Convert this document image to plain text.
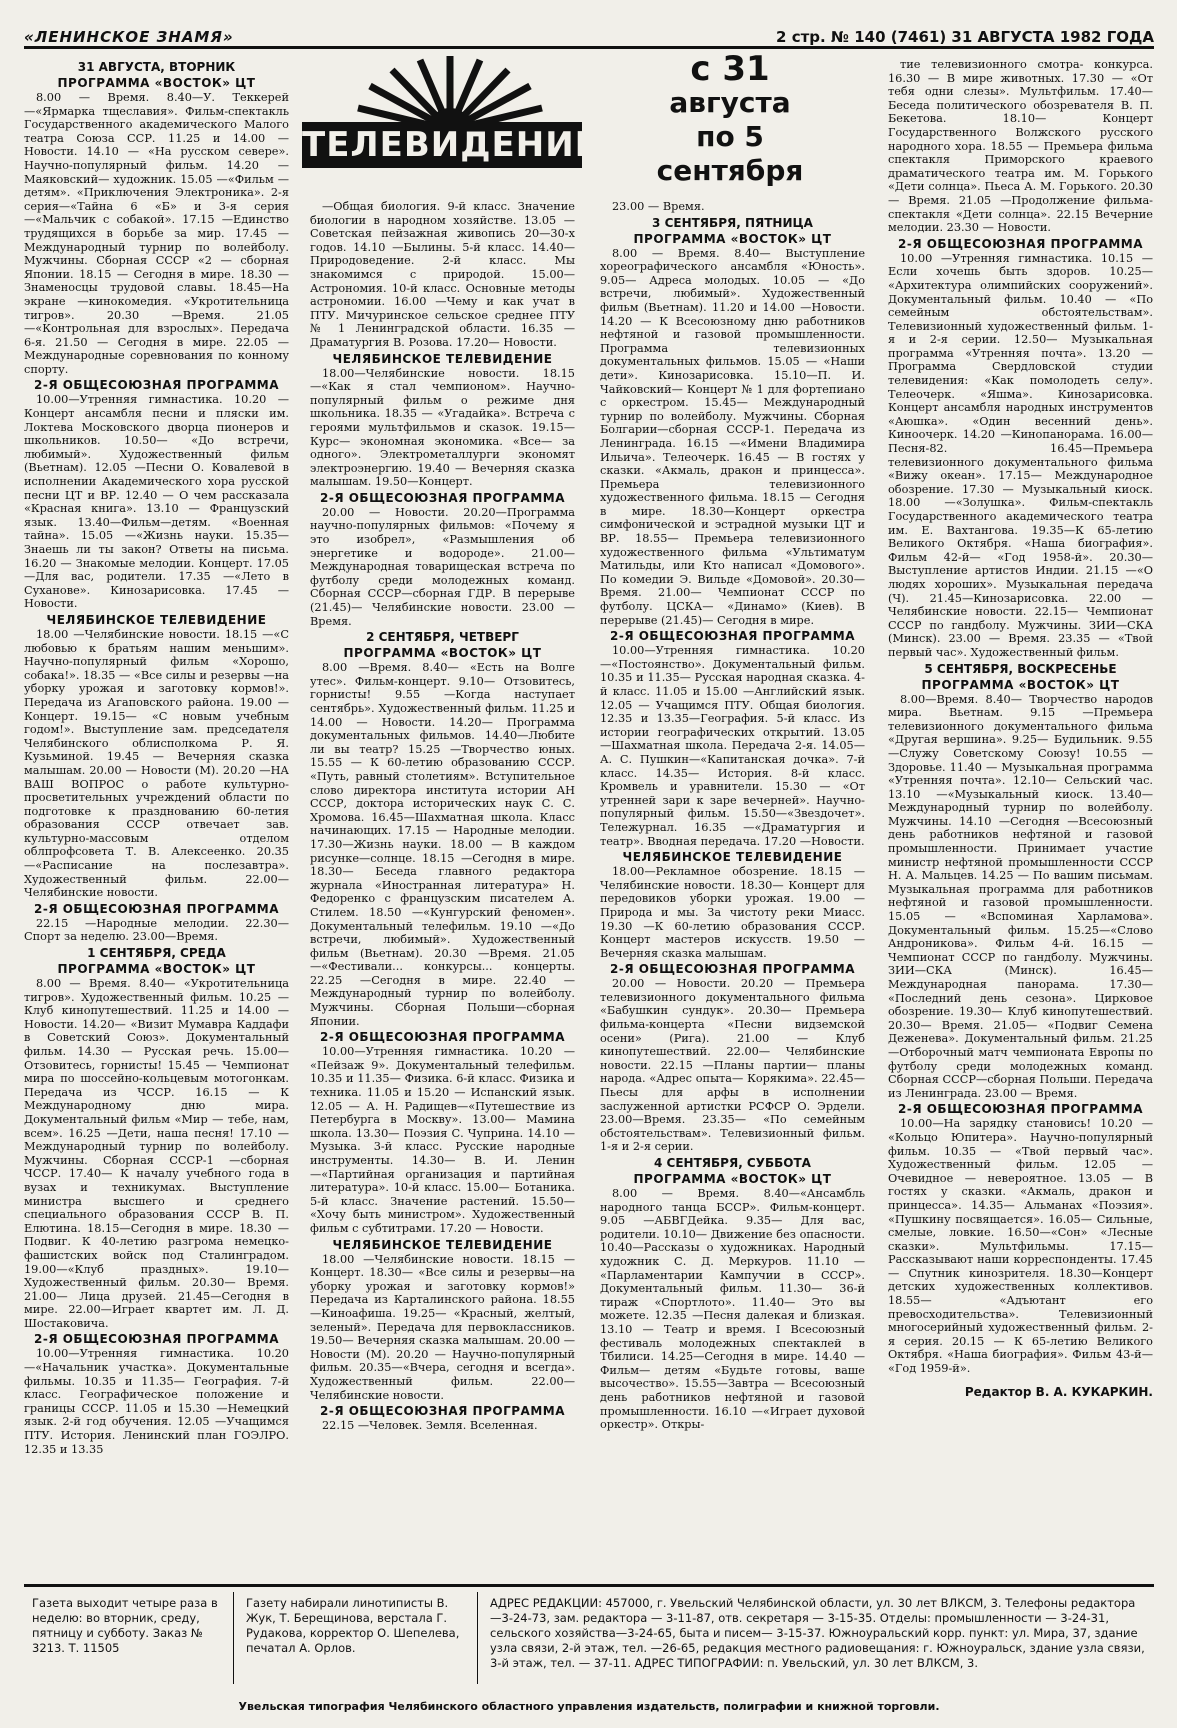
«ЛЕНИНСКОЕ ЗНАМЯ»	2 стр. № 140 (7461) 31 АВГУСТА 1982 ГОДА
ТЕЛЕВИДЕНИЕ
с 31
августа
по 5
сентября
31 АВГУСТА, ВТОРНИК
ПРОГРАММА «ВОСТОК» ЦТ

8.00 — Время. 8.40—У. Теккерей—«Ярмарка тщеславия». Фильм-спектакль Государственного академического Малого театра Союза ССР. 11.25 и 14.00 — Новости. 14.10 — «На русском севере». Научно-популярный фильм. 14.20 — Маяковский— художник. 15.05 —«Фильм — детям». «Приключения Электроника». 2-я серия—«Тайна 6 «Б» и 3-я серия —«Мальчик с собакой». 17.15 —Единство трудящихся в борьбе за мир. 17.45 — Международный турнир по волейболу. Мужчины. Сборная СССР «2 — сборная Японии. 18.15 — Сегодня в мире. 18.30 —Знаменосцы трудовой славы. 18.45—На экране —кинокомедия. «Укротительница тигров». 20.30 —Время. 21.05 —«Контрольная для взрослых». Передача 6-я. 21.50 — Сегодня в мире. 22.05 —Международные соревнования по конному спорту.

2-Я ОБЩЕСОЮЗНАЯ ПРОГРАММА

10.00—Утренняя гимнастика. 10.20 — Концерт ансамбля песни и пляски им. Локтева Московского дворца пионеров и школьников. 10.50— «До встречи, любимый». Художественный фильм (Вьетнам). 12.05 —Песни О. Ковалевой в исполнении Академического хора русской песни ЦТ и ВР. 12.40 — О чем рассказала «Красная книга». 13.10 — Французский язык. 13.40—Фильм—детям. «Военная тайна». 15.05 —«Жизнь науки. 15.35— Знаешь ли ты закон? Ответы на письма. 16.20 — Знакомые мелодии. Концерт. 17.05—Для вас, родители. 17.35 —«Лето в Суханове». Кинозарисовка. 17.45 —Новости.

ЧЕЛЯБИНСКОЕ ТЕЛЕВИДЕНИЕ

18.00 —Челябинские новости. 18.15 —«С любовью к братьям нашим меньшим». Научно-популярный фильм «Хорошо, собака!». 18.35 — «Все силы и резервы —на уборку урожая и заготовку кормов!». Передача из Агаповского района. 19.00 — Концерт. 19.15— «С новым учебным годом!». Выступление зам. председателя Челябинского облисполкома Р. Я. Кузьминой. 19.45 — Вечерняя сказка малышам. 20.00 — Новости (М). 20.20 —НА ВАШ ВОПРОС о работе культурно-просветительных учреждений области по подготовке к празднованию 60-летия образования СССР отвечает зав. культурно-массовым отделом облпрофсовета Т. В. Алексеенко. 20.35 —«Расписание на послезавтра». Художественный фильм. 22.00—Челябинские новости.

2-Я ОБЩЕСОЮЗНАЯ ПРОГРАММА

22.15 —Народные мелодии. 22.30— Спорт за неделю. 23.00—Время.

1 СЕНТЯБРЯ, СРЕДА
ПРОГРАММА «ВОСТОК» ЦТ

8.00 — Время. 8.40— «Укротительница тигров». Художественный фильм. 10.25 — Клуб кинопутешествий. 11.25 и 14.00 — Новости. 14.20— «Визит Мумавра Каддафи в Советский Союз». Документальный фильм. 14.30 — Русская речь. 15.00—Отзовитесь, горнисты! 15.45 — Чемпионат мира по шоссейно-кольцевым мотогонкам. Передача из ЧССР. 16.15 — К Международному дню мира. Документальный фильм «Мир — тебе, нам, всем». 16.25 —Дети, наша песня! 17.10 — Международный турнир по волейболу. Мужчины. Сборная СССР-1 —сборная ЧССР. 17.40— К началу учебного года в вузах и техникумах. Выступление министра высшего и среднего специального образования СССР В. П. Елютина. 18.15—Сегодня в мире. 18.30 —Подвиг. К 40-летию разгрома немецко-фашистских войск под Сталинградом. 19.00—«Клуб праздных». 19.10— Художественный фильм. 20.30— Время. 21.00— Лица друзей. 21.45—Сегодня в мире. 22.00—Играет квартет им. Л. Д. Шостаковича.

2-Я ОБЩЕСОЮЗНАЯ ПРОГРАММА

10.00—Утренняя гимнастика. 10.20 —«Начальник участка». Документальные фильмы. 10.35 и 11.35— География. 7-й класс. Географическое положение и границы СССР. 11.05 и 15.30 —Немецкий язык. 2-й год обучения. 12.05 —Учащимся ПТУ. История. Ленинский план ГОЭЛРО. 12.35 и 13.35

—Общая биология. 9-й класс. Значение биологии в народном хозяйстве. 13.05 — Советская пейзажная живопись 20—30-х годов. 14.10 —Былины. 5-й класс. 14.40—Природоведение. 2-й класс. Мы знакомимся с природой. 15.00— Астрономия. 10-й класс. Основные методы астрономии. 16.00 —Чему и как учат в ПТУ. Мичуринское сельское среднее ПТУ № 1 Ленинградской области. 16.35 —Драматургия В. Розова. 17.20— Новости.

ЧЕЛЯБИНСКОЕ ТЕЛЕВИДЕНИЕ

18.00—Челябинские новости. 18.15 —«Как я стал чемпионом». Научно-популярный фильм о режиме дня школьника. 18.35 — «Угадайка». Встреча с героями мультфильмов и сказок. 19.15—Курс— экономная экономика. «Все— за одного». Электрометаллурги экономят электроэнергию. 19.40 — Вечерняя сказка малышам. 19.50—Концерт.

2-Я ОБЩЕСОЮЗНАЯ ПРОГРАММА

20.00 — Новости. 20.20—Программа научно-популярных фильмов: «Почему я это изобрел», «Размышления об энергетике и водороде». 21.00— Международная товарищеская встреча по футболу среди молодежных команд. Сборная СССР—сборная ГДР. В перерыве (21.45)— Челябинские новости. 23.00 —Время.

2 СЕНТЯБРЯ, ЧЕТВЕРГ
ПРОГРАММА «ВОСТОК» ЦТ

8.00 —Время. 8.40— «Есть на Волге утес». Фильм-концерт. 9.10— Отзовитесь, горнисты! 9.55 —Когда наступает сентябрь». Художественный фильм. 11.25 и 14.00 — Новости. 14.20— Программа документальных фильмов. 14.40—Любите ли вы театр? 15.25 —Творчество юных. 15.55 — К 60-летию образованию СССР. «Путь, равный столетиям». Вступительное слово директора института истории АН СССР, доктора исторических наук С. С. Хромова. 16.45—Шахматная школа. Класс начинающих. 17.15 — Народные мелодии. 17.30—Жизнь науки. 18.00 — В каждом рисунке—солнце. 18.15 —Сегодня в мире. 18.30— Беседа главного редактора журнала «Иностранная литература» Н. Федоренко с французским писателем А. Стилем. 18.50 —«Кунгурский феномен». Документальный телефильм. 19.10 —«До встречи, любимый». Художественный фильм (Вьетнам). 20.30 —Время. 21.05—«Фестивали... конкурсы... концерты. 22.25 —Сегодня в мире. 22.40 — Международный турнир по волейболу. Мужчины. Сборная Польши—сборная Японии.

2-Я ОБЩЕСОЮЗНАЯ ПРОГРАММА

10.00—Утренняя гимнастика. 10.20 — «Пейзаж 9». Документальный телефильм. 10.35 и 11.35— Физика. 6-й класс. Физика и техника. 11.05 и 15.20 — Испанский язык. 12.05 — А. Н. Радищев—«Путешествие из Петербурга в Москву». 13.00— Мамина школа. 13.30— Поэзия С. Чуприна. 14.10 — Музыка. 3-й класс. Русские народные инструменты. 14.30— В. И. Ленин —«Партийная организация и партийная литература». 10-й класс. 15.00— Ботаника. 5-й класс. Значение растений. 15.50— «Хочу быть министром». Художественный фильм с субтитрами. 17.20 — Новости.

ЧЕЛЯБИНСКОЕ ТЕЛЕВИДЕНИЕ

18.00 —Челябинские новости. 18.15 —Концерт. 18.30— «Все силы и резервы—на уборку урожая и заготовку кормов!» Передача из Карталинского района. 18.55 —Киноафиша. 19.25— «Красный, желтый, зеленый». Передача для первоклассников. 19.50— Вечерняя сказка малышам. 20.00 — Новости (М). 20.20 — Научно-популярный фильм. 20.35—«Вчера, сегодня и всегда». Художественный фильм. 22.00— Челябинские новости.

2-Я ОБЩЕСОЮЗНАЯ ПРОГРАММА

22.15 —Человек. Земля. Вселенная.

23.00 — Время.

3 СЕНТЯБРЯ, ПЯТНИЦА
ПРОГРАММА «ВОСТОК» ЦТ

8.00 — Время. 8.40— Выступление хореографического ансамбля «Юность». 9.05— Адреса молодых. 10.05 — «До встречи, любимый». Художественный фильм (Вьетнам). 11.20 и 14.00 —Новости. 14.20 — К Всесоюзному дню работников нефтяной и газовой промышленности. Программа телевизионных документальных фильмов. 15.05 — «Наши дети». Кинозарисовка. 15.10—П. И. Чайковский— Концерт № 1 для фортепиано с оркестром. 15.45— Международный турнир по волейболу. Мужчины. Сборная Болгарии—сборная СССР-1. Передача из Ленинграда. 16.15 —«Имени Владимира Ильича». Телеочерк. 16.45 — В гостях у сказки. «Акмаль, дракон и принцесса». Премьера телевизионного художественного фильма. 18.15 — Сегодня в мире. 18.30—Концерт оркестра симфонической и эстрадной музыки ЦТ и ВР. 18.55— Премьера телевизионного художественного фильма «Ультиматум Матильды, или Кто написал «Домового». По комедии Э. Вильде «Домовой». 20.30— Время. 21.00— Чемпионат СССР по футболу. ЦСКА— «Динамо» (Киев). В перерыве (21.45)— Сегодня в мире.

2-Я ОБЩЕСОЮЗНАЯ ПРОГРАММА

10.00—Утренняя гимнастика. 10.20 —«Постоянство». Документальный фильм. 10.35 и 11.35— Русская народная сказка. 4-й класс. 11.05 и 15.00 —Английский язык. 12.05 — Учащимся ПТУ. Общая биология. 12.35 и 13.35—География. 5-й класс. Из истории географических открытий. 13.05 —Шахматная школа. Передача 2-я. 14.05—А. С. Пушкин—«Капитанская дочка». 7-й класс. 14.35— История. 8-й класс. Кромвель и уравнители. 15.30 — «От утренней зари к заре вечерней». Научно- популярный фильм. 15.50—«Звездочет». Тележурнал. 16.35 —«Драматургия и театр». Вводная передача. 17.20 —Новости.

ЧЕЛЯБИНСКОЕ ТЕЛЕВИДЕНИЕ

18.00—Рекламное обозрение. 18.15 — Челябинские новости. 18.30— Концерт для передовиков уборки урожая. 19.00 — Природа и мы. За чистоту реки Миасс. 19.30 —К 60-летию образования СССР. Концерт мастеров искусств. 19.50 — Вечерняя сказка малышам.

2-Я ОБЩЕСОЮЗНАЯ ПРОГРАММА

20.00 — Новости. 20.20 — Премьера телевизионного документального фильма «Бабушкин сундук». 20.30— Премьера фильма-концерта «Песни видземской осени» (Рига). 21.00 — Клуб кинопутешествий. 22.00— Челябинские новости. 22.15 —Планы партии— планы народа. «Адрес опыта— Корякима». 22.45— Пьесы для арфы в исполнении заслуженной артистки РСФСР О. Эрдели. 23.00—Время. 23.35— «По семейным обстоятельствам». Телевизионный фильм. 1-я и 2-я серии.

4 СЕНТЯБРЯ, СУББОТА
ПРОГРАММА «ВОСТОК» ЦТ

8.00 — Время. 8.40—«Ансамбль народного танца БССР». Фильм-концерт. 9.05 —АБВГДейка. 9.35— Для вас, родители. 10.10— Движение без опасности. 10.40—Рассказы о художниках. Народный художник С. Д. Меркуров. 11.10 — «Парламентарии Кампучии в СССР». Документальный фильм. 11.30— 36-й тираж «Спортлото». 11.40— Это вы можете. 12.35 —Песня далекая и близкая. 13.10 — Театр и время. I Всесоюзный фестиваль молодежных спектаклей в Тбилиси. 14.25—Сегодня в мире. 14.40 — Фильм— детям «Будьте готовы, ваше высочество». 15.55—Завтра — Всесоюзный день работников нефтяной и газовой промышленности. 16.10 —«Играет духовой оркестр». Откры-

тие телевизионного смотра- конкурса. 16.30 — В мире животных. 17.30 — «От тебя одни слезы». Мультфильм. 17.40— Беседа политического обозревателя В. П. Бекетова. 18.10— Концерт Государственного Волжского русского народного хора. 18.55 — Премьера фильма спектакля Приморского краевого драматического театра им. М. Горького «Дети солнца». Пьеса А. М. Горького. 20.30— Время. 21.05 —Продолжение фильма-спектакля «Дети солнца». 22.15 Вечерние мелодии. 23.30 — Новости.

2-Я ОБЩЕСОЮЗНАЯ ПРОГРАММА

10.00 —Утренняя гимнастика. 10.15 — Если хочешь быть здоров. 10.25— «Архитектура олимпийских сооружений». Документальный фильм. 10.40 — «По семейным обстоятельствам». Телевизионный художественный фильм. 1-я и 2-я серии. 12.50— Музыкальная программа «Утренняя почта». 13.20 — Программа Свердловской студии телевидения: «Как помолодеть селу». Телеочерк. «Яшма». Кинозарисовка. Концерт ансамбля народных инструментов «Аюшка». «Один весенний день». Киноочерк. 14.20 —Кинопанорама. 16.00— Песня-82. 16.45—Премьера телевизионного документального фильма «Вижу океан». 17.15— Международное обозрение. 17.30 — Музыкальный киоск. 18.00 —«Золушка». Фильм-спектакль Государственного академического театра им. Е. Вахтангова. 19.35—К 65-летию Великого Октября. «Наша биография». Фильм 42-й— «Год 1958-й». 20.30— Выступление артистов Индии. 21.15 —«О людях хороших». Музыкальная передача (Ч). 21.45—Кинозарисовка. 22.00 — Челябинские новости. 22.15— Чемпионат СССР по гандболу. Мужчины. ЗИИ—СКА (Минск). 23.00 — Время. 23.35 — «Твой первый час». Художественный фильм.

5 СЕНТЯБРЯ, ВОСКРЕСЕНЬЕ
ПРОГРАММА «ВОСТОК» ЦТ

8.00—Время. 8.40— Творчество народов мира. Вьетнам. 9.15 —Премьера телевизионного документального фильма «Другая вершина». 9.25— Будильник. 9.55 —Служу Советскому Союзу! 10.55 — Здоровье. 11.40 — Музыкальная программа «Утренняя почта». 12.10— Сельский час. 13.10 —«Музыкальный киоск. 13.40— Международный турнир по волейболу. Мужчины. 14.10 —Сегодня —Всесоюзный день работников нефтяной и газовой промышленности. Принимает участие министр нефтяной промышленности СССР Н. А. Мальцев. 14.25 — По вашим письмам. Музыкальная программа для работников нефтяной и газовой промышленности. 15.05 — «Вспоминая Харламова». Документальный фильм. 15.25—«Слово Андроникова». Фильм 4-й. 16.15 — Чемпионат СССР по гандболу. Мужчины. ЗИИ—СКА (Минск). 16.45— Международная панорама. 17.30— «Последний день сезона». Цирковое обозрение. 19.30— Клуб кинопутешествий. 20.30— Время. 21.05— «Подвиг Семена Деженева». Документальный фильм. 21.25—Отборочный матч чемпионата Европы по футболу среди молодежных команд. Сборная СССР—сборная Польши. Передача из Ленинграда. 23.00 — Время.

2-Я ОБЩЕСОЮЗНАЯ ПРОГРАММА

10.00—На зарядку становись! 10.20 — «Кольцо Юпитера». Научно-популярный фильм. 10.35 — «Твой первый час». Художественный фильм. 12.05 — Очевидное — невероятное. 13.05 — В гостях у сказки. «Акмаль, дракон и принцесса». 14.35— Альманах «Поэзия». «Пушкину посвящается». 16.05— Сильные, смелые, ловкие. 16.50—«Сон» «Лесные сказки». Мультфильмы. 17.15—Рассказывают наши корреспонденты. 17.45— Спутник кинозрителя. 18.30—Концерт детских художественных коллективов. 18.55— «Адъютант его превосходительства». Телевизионный многосерийный художественный фильм. 2-я серия. 20.15 — К 65-летию Великого Октября. «Наша биография». Фильм 43-й— «Год 1959-й».

Редактор В. А. КУКАРКИН.
Газета выходит четыре раза в неделю: во вторник, среду, пятницу и субботу. Заказ № 3213. Т. 11505
Газету набирали линотиписты В. Жук, Т. Берещинова, верстала Г. Рудакова, корректор О. Шепелева, печатал А. Орлов.
АДРЕС РЕДАКЦИИ: 457000, г. Увельский Челябинской области, ул. 30 лет ВЛКСМ, 3. Телефоны редактора —3-24-73, зам. редактора — 3-11-87, отв. секретаря — 3-15-35. Отделы: промышленности — 3-24-31, сельского хозяйства—3-24-65, быта и писем— 3-15-37. Южноуральский корр. пункт: ул. Мира, 37, здание узла связи, 2-й этаж, тел. —26-65, редакция местного радиовещания: г. Южноуральск, здание узла связи, 3-й этаж, тел. — 37-11. АДРЕС ТИПОГРАФИИ: п. Увельский, ул. 30 лет ВЛКСМ, 3.
Увельская типография Челябинского областного управления издательств, полиграфии и книжной торговли.
